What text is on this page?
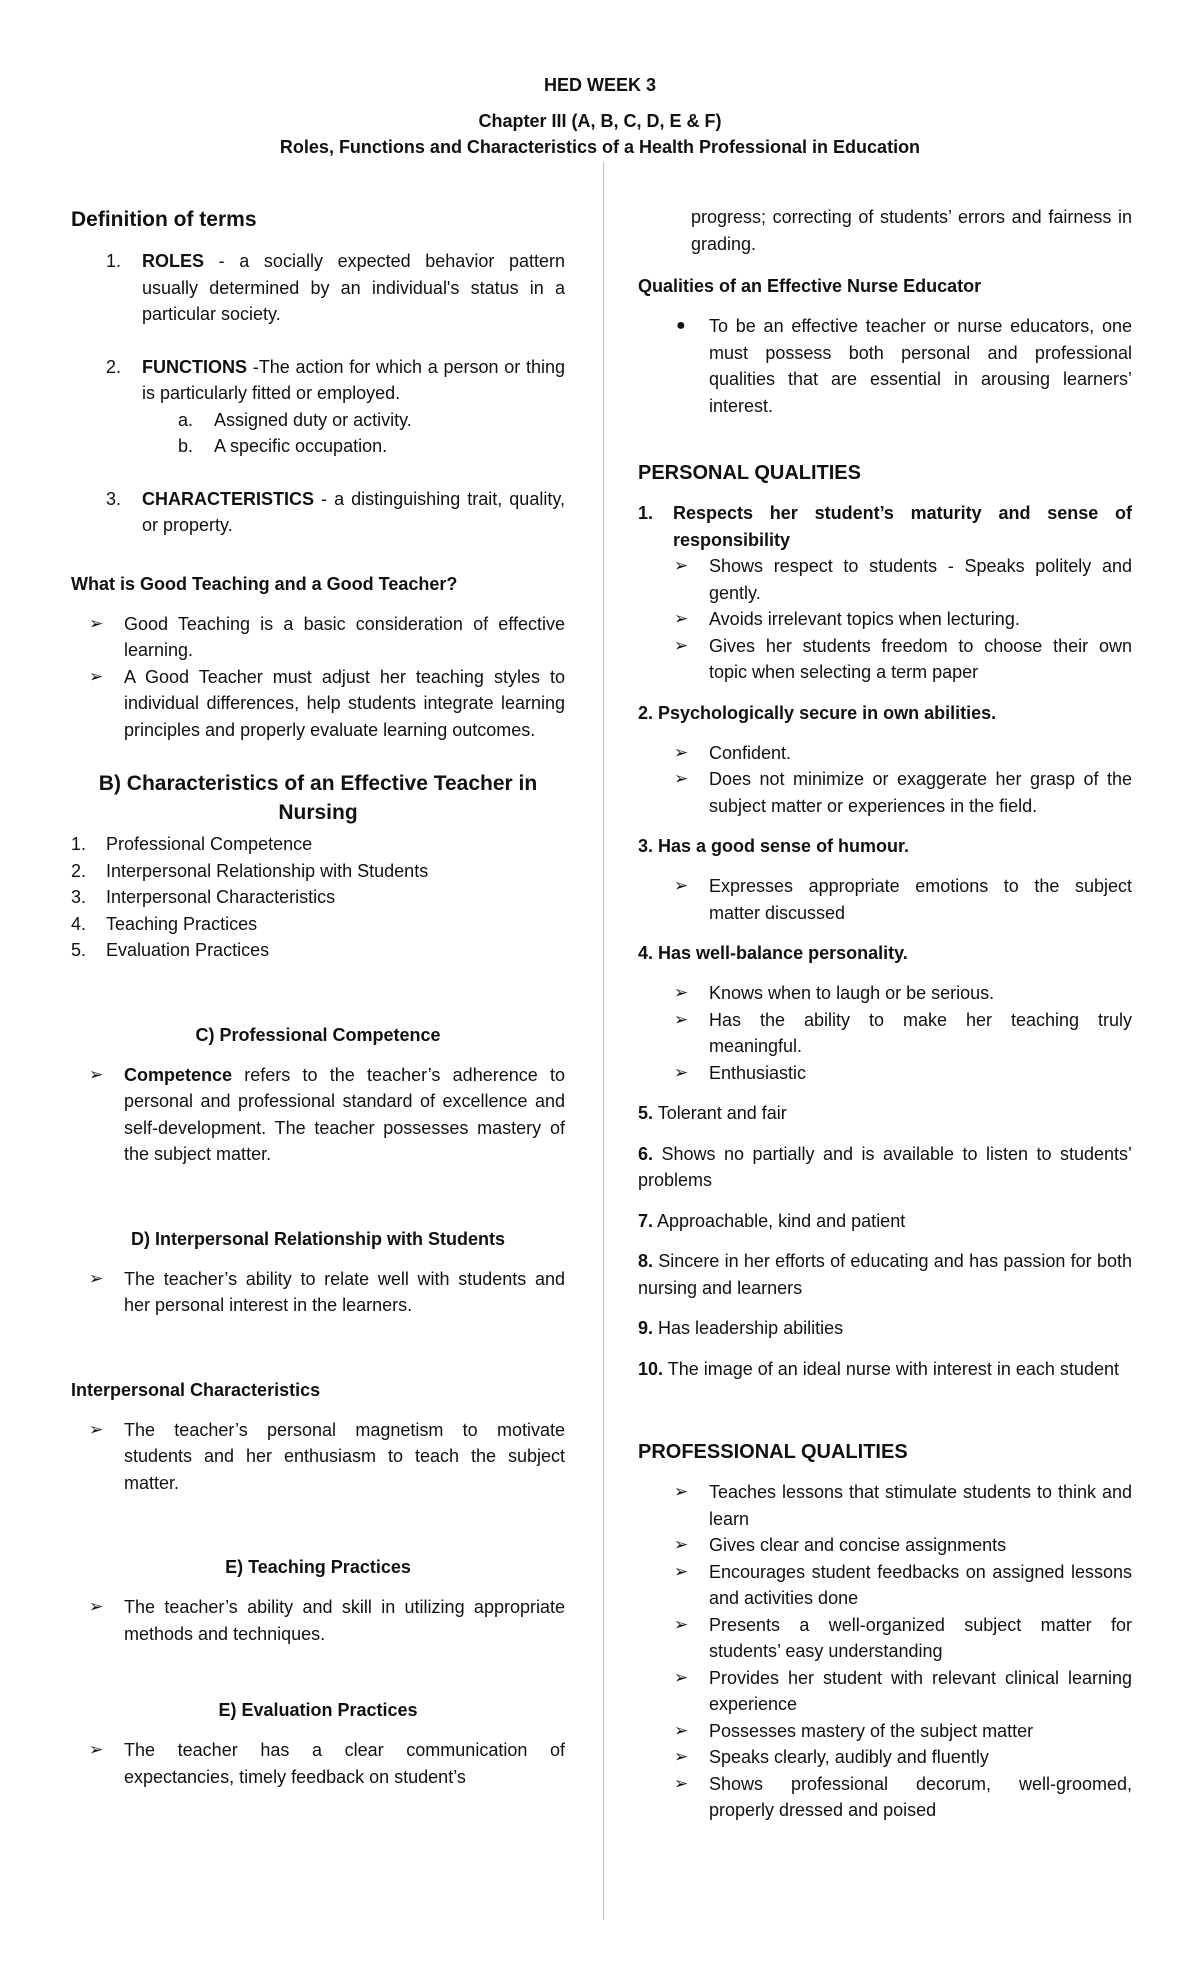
HED WEEK 3
Chapter III (A, B, C, D, E & F)
Roles, Functions and Characteristics of a Health Professional in Education
Definition of terms
1. ROLES - a socially expected behavior pattern usually determined by an individual's status in a particular society.
2. FUNCTIONS -The action for which a person or thing is particularly fitted or employed.
a. Assigned duty or activity.
b. A specific occupation.
3. CHARACTERISTICS - a distinguishing trait, quality, or property.
What is Good Teaching and a Good Teacher?
➢ Good Teaching is a basic consideration of effective learning.
➢ A Good Teacher must adjust her teaching styles to individual differences, help students integrate learning principles and properly evaluate learning outcomes.
B) Characteristics of an Effective Teacher in
Nursing
1. Professional Competence
2. Interpersonal Relationship with Students
3. Interpersonal Characteristics
4. Teaching Practices
5. Evaluation Practices
C) Professional Competence
➢ Competence refers to the teacher’s adherence to personal and professional standard of excellence and self-development. The teacher possesses mastery of the subject matter.
D) Interpersonal Relationship with Students
➢ The teacher’s ability to relate well with students and her personal interest in the learners.
Interpersonal Characteristics
➢ The teacher’s personal magnetism to motivate students and her enthusiasm to teach the subject matter.
E) Teaching Practices
➢ The teacher’s ability and skill in utilizing appropriate methods and techniques.
E) Evaluation Practices
➢ The teacher has a clear communication of expectancies, timely feedback on student’s
progress; correcting of students’ errors and fairness in grading.
Qualities of an Effective Nurse Educator
● To be an effective teacher or nurse educators, one must possess both personal and professional qualities that are essential in arousing learners’ interest.
PERSONAL QUALITIES
1. Respects her student’s maturity and sense of responsibility
➢ Shows respect to students - Speaks politely and gently.
➢ Avoids irrelevant topics when lecturing.
➢ Gives her students freedom to choose their own topic when selecting a term paper
2. Psychologically secure in own abilities.
➢ Confident.
➢ Does not minimize or exaggerate her grasp of the subject matter or experiences in the field.
3. Has a good sense of humour.
➢ Expresses appropriate emotions to the subject matter discussed
4. Has well-balance personality.
➢ Knows when to laugh or be serious.
➢ Has the ability to make her teaching truly meaningful.
➢ Enthusiastic
5. Tolerant and fair
6. Shows no partially and is available to listen to students’ problems
7. Approachable, kind and patient
8. Sincere in her efforts of educating and has passion for both nursing and learners
9. Has leadership abilities
10. The image of an ideal nurse with interest in each student
PROFESSIONAL QUALITIES
➢ Teaches lessons that stimulate students to think and learn
➢ Gives clear and concise assignments
➢ Encourages student feedbacks on assigned lessons and activities done
➢ Presents a well-organized subject matter for students’ easy understanding
➢ Provides her student with relevant clinical learning experience
➢ Possesses mastery of the subject matter
➢ Speaks clearly, audibly and fluently
➢ Shows professional decorum, well-groomed, properly dressed and poised
